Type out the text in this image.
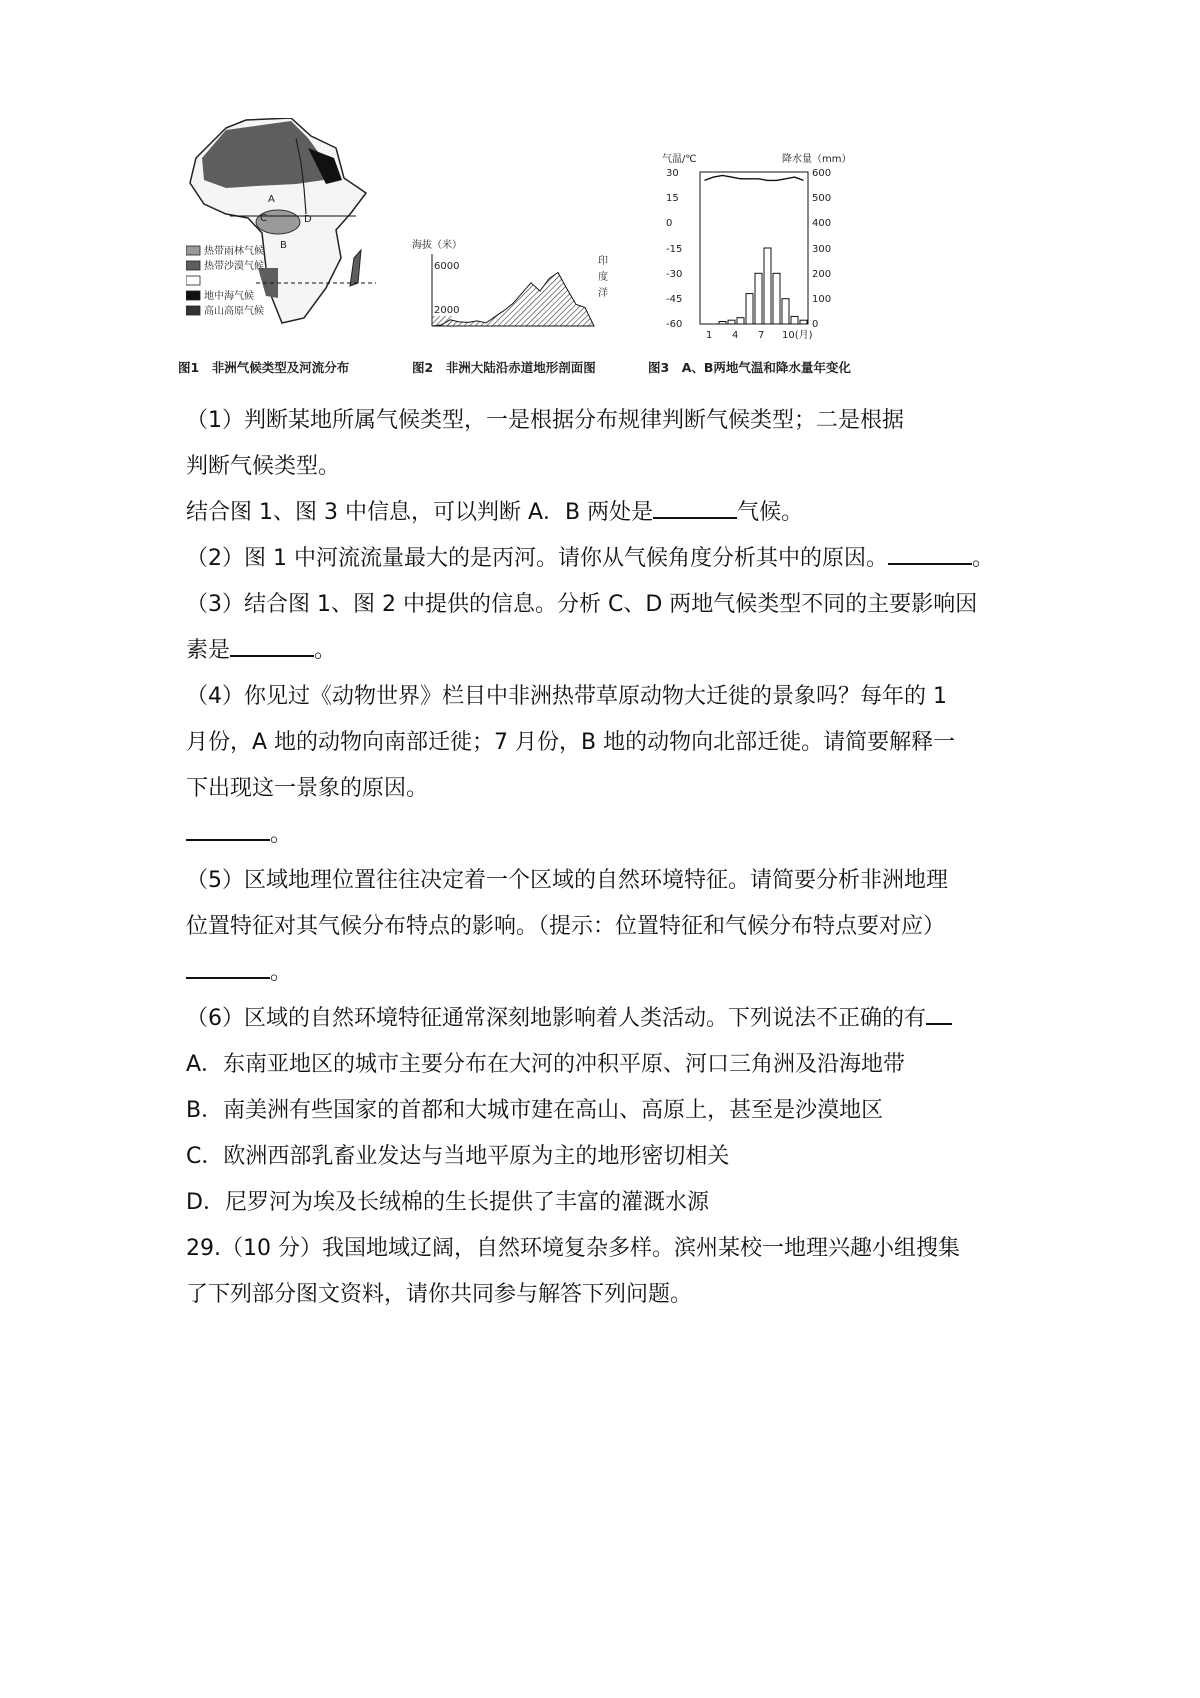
A
C	D
B
热带雨林气候
热带沙漠气候
地中海气候
高山高原气候
海拔（米）
6000
2000
印
度
洋
气温/℃	降水量（mm）
30
15
0
-15
-30
-45
-60
600
500
400
300
200
100
0
1 4 7 10(月)
图1　非洲气候类型及河流分布	图2　非洲大陆沿赤道地形剖面图	图3　A、B两地气温和降水量年变化
（1）判断某地所属气候类型，一是根据分布规律判断气候类型；二是根据
判断气候类型。
结合图 1、图 3 中信息，可以判断 A．B 两处是	气候。
（2）图 1 中河流流量最大的是丙河。请你从气候角度分析其中的原因。	。
（3）结合图 1、图 2 中提供的信息。分析 C、D 两地气候类型不同的主要影响因
素是	。
（4）你见过《动物世界》栏目中非洲热带草原动物大迁徙的景象吗？每年的 1
月份，A 地的动物向南部迁徙；7 月份，B 地的动物向北部迁徙。请简要解释一
下出现这一景象的原因。
。
（5）区域地理位置往往决定着一个区域的自然环境特征。请简要分析非洲地理
位置特征对其气候分布特点的影响。（提示：位置特征和气候分布特点要对应）
。
（6）区域的自然环境特征通常深刻地影响着人类活动。下列说法不正确的有
A．东南亚地区的城市主要分布在大河的冲积平原、河口三角洲及沿海地带
B．南美洲有些国家的首都和大城市建在高山、高原上，甚至是沙漠地区
C．欧洲西部乳畜业发达与当地平原为主的地形密切相关
D．尼罗河为埃及长绒棉的生长提供了丰富的灌溉水源
29.（10 分）我国地域辽阔，自然环境复杂多样。滨州某校一地理兴趣小组搜集
了下列部分图文资料，请你共同参与解答下列问题。
